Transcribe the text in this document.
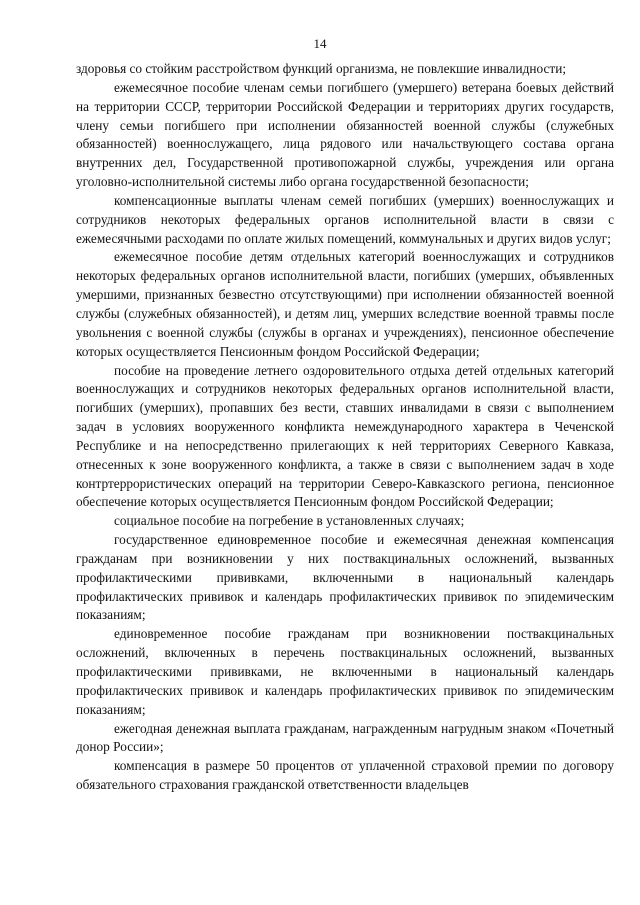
14

здоровья со стойким расстройством функций организма, не повлекшие инвалидности;

ежемесячное пособие членам семьи погибшего (умершего) ветерана боевых действий на территории СССР, территории Российской Федерации и территориях других государств, члену семьи погибшего при исполнении обязанностей военной службы (служебных обязанностей) военнослужащего, лица рядового или начальствующего состава органа внутренних дел, Государственной противопожарной службы, учреждения или органа уголовно-исполнительной системы либо органа государственной безопасности;

компенсационные выплаты членам семей погибших (умерших) военнослужащих и сотрудников некоторых федеральных органов исполнительной власти в связи с ежемесячными расходами по оплате жилых помещений, коммунальных и других видов услуг;

ежемесячное пособие детям отдельных категорий военнослужащих и сотрудников некоторых федеральных органов исполнительной власти, погибших (умерших, объявленных умершими, признанных безвестно отсутствующими) при исполнении обязанностей военной службы (служебных обязанностей), и детям лиц, умерших вследствие военной травмы после увольнения с военной службы (службы в органах и учреждениях), пенсионное обеспечение которых осуществляется Пенсионным фондом Российской Федерации;

пособие на проведение летнего оздоровительного отдыха детей отдельных категорий военнослужащих и сотрудников некоторых федеральных органов исполнительной власти, погибших (умерших), пропавших без вести, ставших инвалидами в связи с выполнением задач в условиях вооруженного конфликта немеждународного характера в Чеченской Республике и на непосредственно прилегающих к ней территориях Северного Кавказа, отнесенных к зоне вооруженного конфликта, а также в связи с выполнением задач в ходе контртеррористических операций на территории Северо-Кавказского региона, пенсионное обеспечение которых осуществляется Пенсионным фондом Российской Федерации;

социальное пособие на погребение в установленных случаях;

государственное единовременное пособие и ежемесячная денежная компенсация гражданам при возникновении у них поствакцинальных осложнений, вызванных профилактическими прививками, включенными в национальный календарь профилактических прививок и календарь профилактических прививок по эпидемическим показаниям;

единовременное пособие гражданам при возникновении поствакцинальных осложнений, включенных в перечень поствакцинальных осложнений, вызванных профилактическими прививками, не включенными в национальный календарь профилактических прививок и календарь профилактических прививок по эпидемическим показаниям;

ежегодная денежная выплата гражданам, награжденным нагрудным знаком «Почетный донор России»;

компенсация в размере 50 процентов от уплаченной страховой премии по договору обязательного страхования гражданской ответственности владельцев
